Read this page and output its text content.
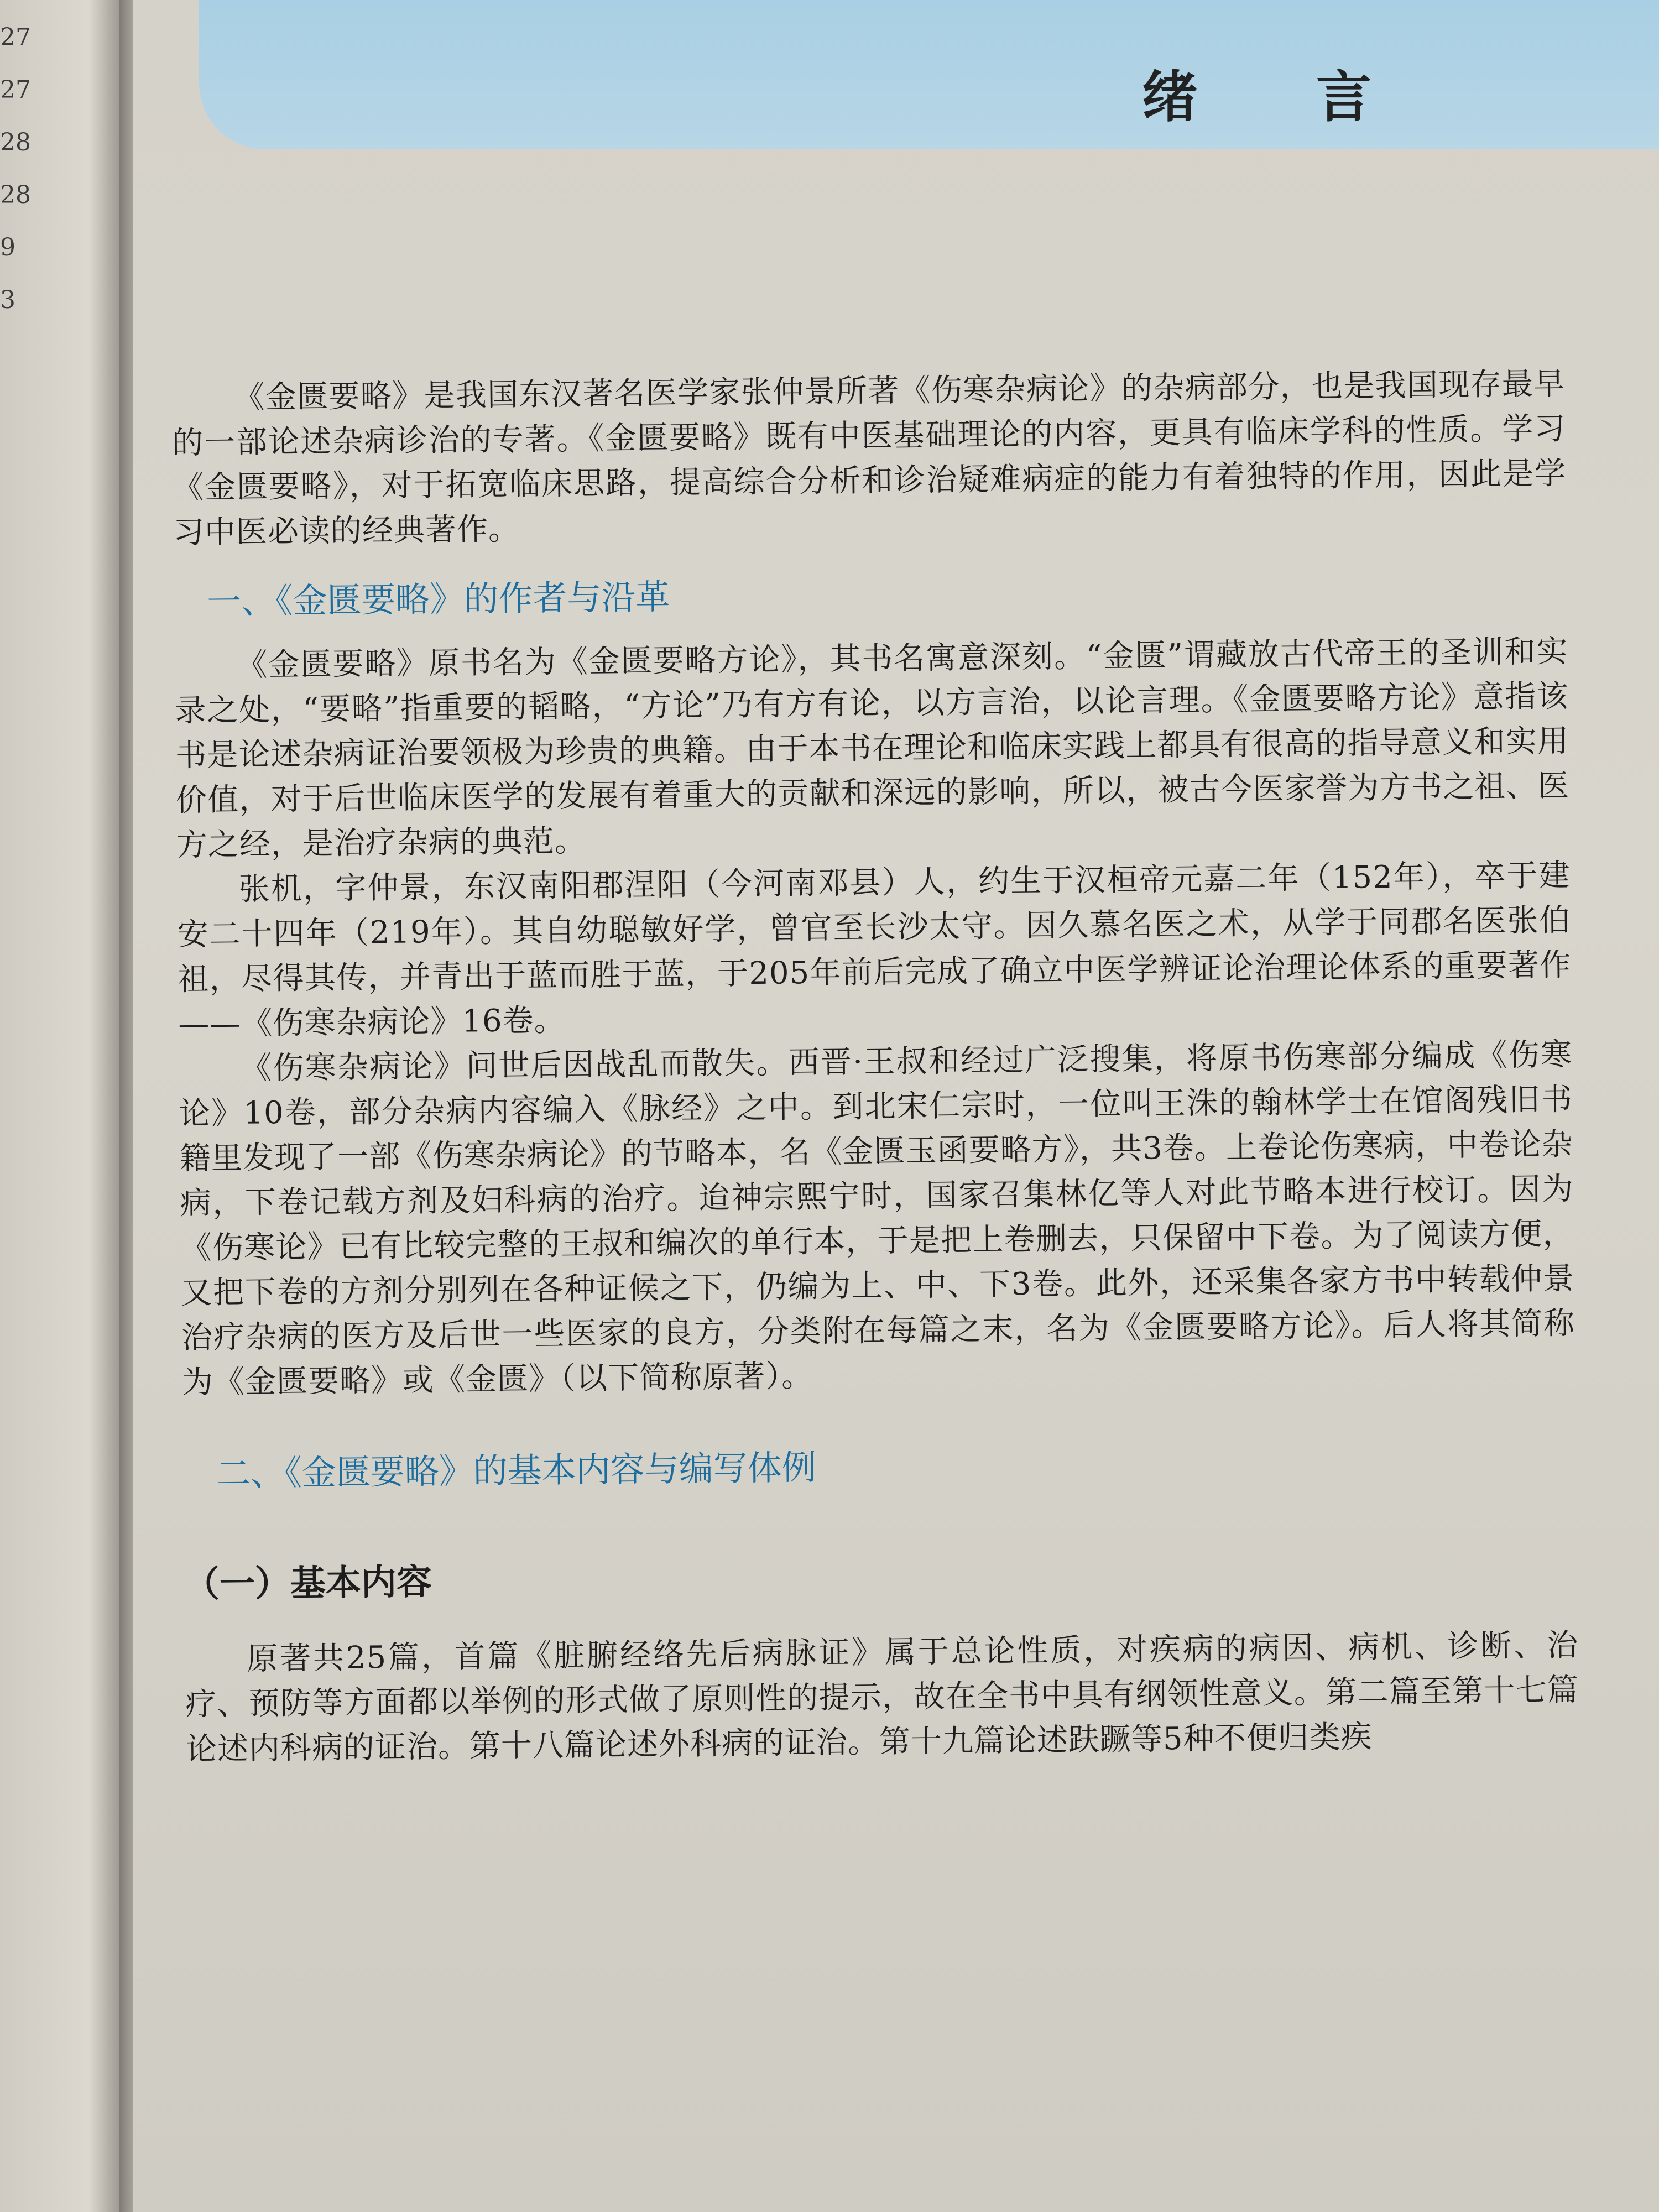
27
27
28
28
9
3
绪 言

《金匮要略》是我国东汉著名医学家张仲景所著《伤寒杂病论》的杂病部分，也是我国现存最早的一部论述杂病诊治的专著。《金匮要略》既有中医基础理论的内容，更具有临床学科的性质。学习《金匮要略》，对于拓宽临床思路，提高综合分析和诊治疑难病症的能力有着独特的作用，因此是学习中医必读的经典著作。

一、《金匮要略》的作者与沿革

《金匮要略》原书名为《金匮要略方论》，其书名寓意深刻。“金匮”谓藏放古代帝王的圣训和实录之处，“要略”指重要的韬略，“方论”乃有方有论，以方言治，以论言理。《金匮要略方论》意指该书是论述杂病证治要领极为珍贵的典籍。由于本书在理论和临床实践上都具有很高的指导意义和实用价值，对于后世临床医学的发展有着重大的贡献和深远的影响，所以，被古今医家誉为方书之祖、医方之经，是治疗杂病的典范。

张机，字仲景，东汉南阳郡涅阳（今河南邓县）人，约生于汉桓帝元嘉二年（152年），卒于建安二十四年（219年）。其自幼聪敏好学，曾官至长沙太守。因久慕名医之术，从学于同郡名医张伯祖，尽得其传，并青出于蓝而胜于蓝，于205年前后完成了确立中医学辨证论治理论体系的重要著作——《伤寒杂病论》16卷。

《伤寒杂病论》问世后因战乱而散失。西晋·王叔和经过广泛搜集，将原书伤寒部分编成《伤寒论》10卷，部分杂病内容编入《脉经》之中。到北宋仁宗时，一位叫王洙的翰林学士在馆阁残旧书籍里发现了一部《伤寒杂病论》的节略本，名《金匮玉函要略方》，共3卷。上卷论伤寒病，中卷论杂病，下卷记载方剂及妇科病的治疗。迨神宗熙宁时，国家召集林亿等人对此节略本进行校订。因为《伤寒论》已有比较完整的王叔和编次的单行本，于是把上卷删去，只保留中下卷。为了阅读方便，又把下卷的方剂分别列在各种证候之下，仍编为上、中、下3卷。此外，还采集各家方书中转载仲景治疗杂病的医方及后世一些医家的良方，分类附在每篇之末，名为《金匮要略方论》。后人将其简称为《金匮要略》或《金匮》（以下简称原著）。

二、《金匮要略》的基本内容与编写体例
（一）基本内容

原著共25篇，首篇《脏腑经络先后病脉证》属于总论性质，对疾病的病因、病机、诊断、治疗、预防等方面都以举例的形式做了原则性的提示，故在全书中具有纲领性意义。第二篇至第十七篇论述内科病的证治。第十八篇论述外科病的证治。第十九篇论述趺蹶等5种不便归类疾
